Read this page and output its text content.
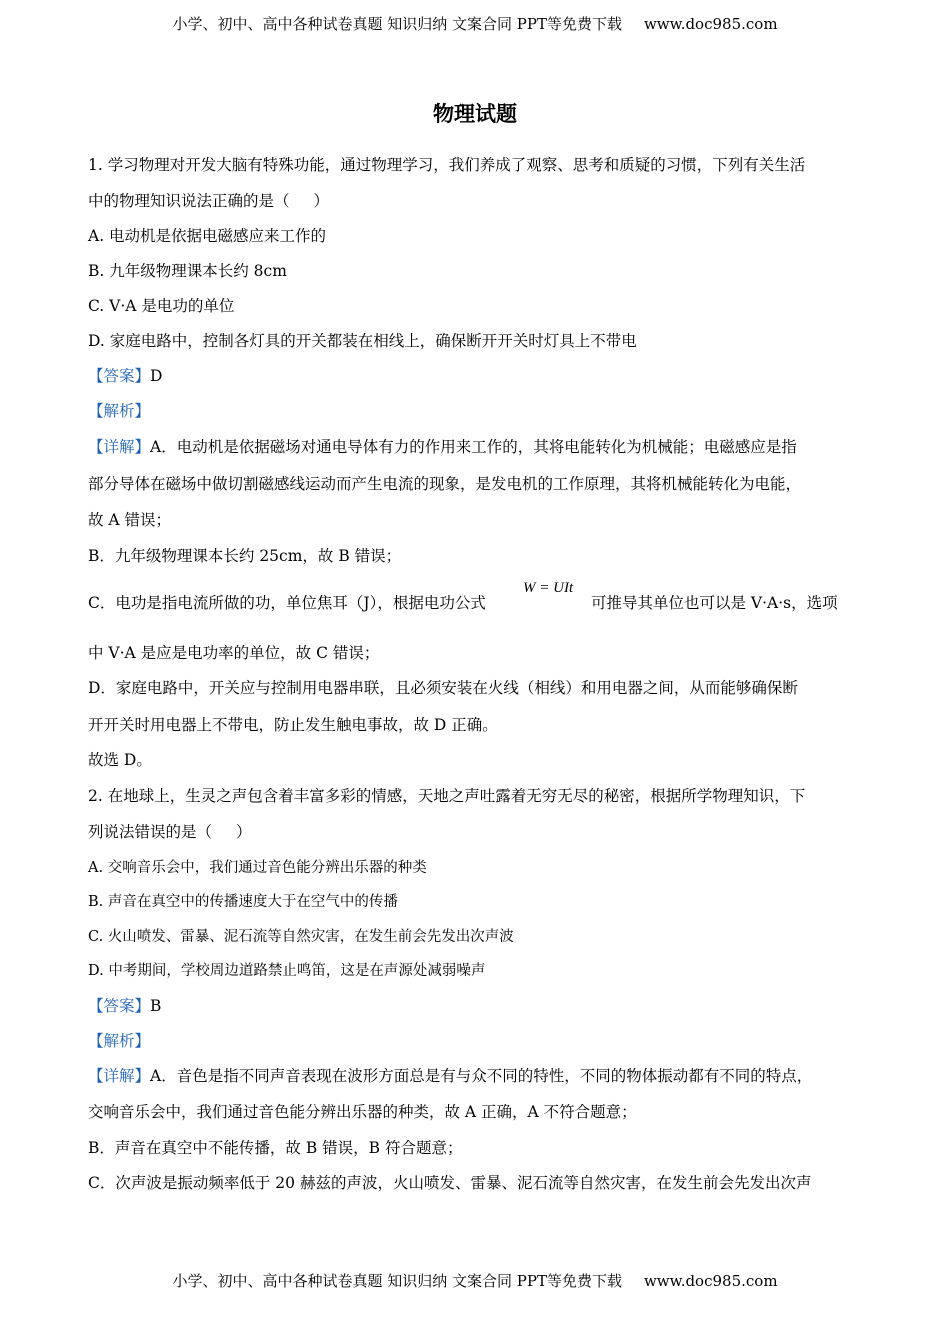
小学、初中、高中各种试卷真题 知识归纳 文案合同 PPT等免费下载 www.doc985.com
物理试题
1. 学习物理对开发大脑有特殊功能，通过物理学习，我们养成了观察、思考和质疑的习惯，下列有关生活
中的物理知识说法正确的是（ ）
A. 电动机是依据电磁感应来工作的
B. 九年级物理课本长约 8cm
C. V·A 是电功的单位
D. 家庭电路中，控制各灯具的开关都装在相线上，确保断开开关时灯具上不带电
【答案】D
【解析】
【详解】A．电动机是依据磁场对通电导体有力的作用来工作的，其将电能转化为机械能；电磁感应是指
部分导体在磁场中做切割磁感线运动而产生电流的现象，是发电机的工作原理，其将机械能转化为电能，
故 A 错误；
B．九年级物理课本长约 25cm，故 B 错误；
C．电功是指电流所做的功，单位焦耳（J），根据电功公式
W = UIt
可推导其单位也可以是 V·A·s，选项
中 V·A 是应是电功率的单位，故 C 错误；
D．家庭电路中，开关应与控制用电器串联，且必须安装在火线（相线）和用电器之间，从而能够确保断
开开关时用电器上不带电，防止发生触电事故，故 D 正确。
故选 D。
2. 在地球上，生灵之声包含着丰富多彩的情感，天地之声吐露着无穷无尽的秘密，根据所学物理知识，下
列说法错误的是（ ）
A. 交响音乐会中，我们通过音色能分辨出乐器的种类
B. 声音在真空中的传播速度大于在空气中的传播
C. 火山喷发、雷暴、泥石流等自然灾害，在发生前会先发出次声波
D. 中考期间，学校周边道路禁止鸣笛，这是在声源处减弱噪声
【答案】B
【解析】
【详解】A．音色是指不同声音表现在波形方面总是有与众不同的特性，不同的物体振动都有不同的特点，
交响音乐会中，我们通过音色能分辨出乐器的种类，故 A 正确，A 不符合题意；
B．声音在真空中不能传播，故 B 错误，B 符合题意；
C．次声波是振动频率低于 20 赫兹的声波，火山喷发、雷暴、泥石流等自然灾害，在发生前会先发出次声
小学、初中、高中各种试卷真题 知识归纳 文案合同 PPT等免费下载 www.doc985.com
